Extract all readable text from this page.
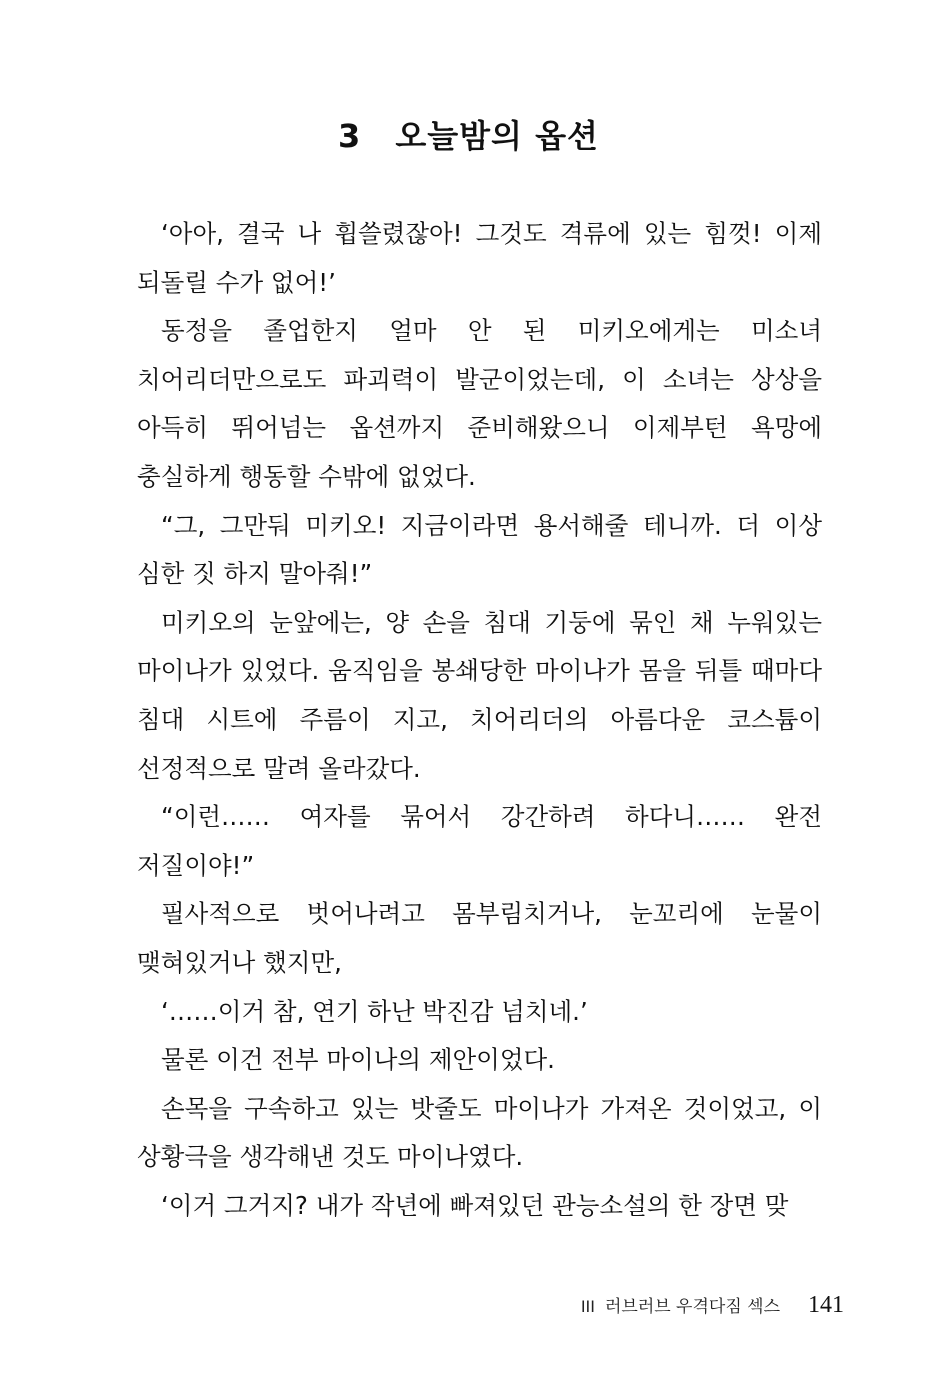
3 오늘밤의 옵션

‘아아, 결국 나 휩쓸렸잖아! 그것도 격류에 있는 힘껏! 이제 되돌릴 수가 없어!’

동정을 졸업한지 얼마 안 된 미키오에게는 미소녀 치어리더만으로도 파괴력이 발군이었는데, 이 소녀는 상상을 아득히 뛰어넘는 옵션까지 준비해왔으니 이제부턴 욕망에 충실하게 행동할 수밖에 없었다.

“그, 그만둬 미키오! 지금이라면 용서해줄 테니까. 더 이상 심한 짓 하지 말아줘!”

미키오의 눈앞에는, 양 손을 침대 기둥에 묶인 채 누워있는 마이나가 있었다. 움직임을 봉쇄당한 마이나가 몸을 뒤틀 때마다 침대 시트에 주름이 지고, 치어리더의 아름다운 코스튬이 선정적으로 말려 올라갔다.

“이런…… 여자를 묶어서 강간하려 하다니…… 완전 저질이야!”

필사적으로 벗어나려고 몸부림치거나, 눈꼬리에 눈물이 맺혀있거나 했지만,

‘……이거 참, 연기 하난 박진감 넘치네.’

물론 이건 전부 마이나의 제안이었다.

손목을 구속하고 있는 밧줄도 마이나가 가져온 것이었고, 이 상황극을 생각해낸 것도 마이나였다.

‘이거 그거지? 내가 작년에 빠져있던 관능소설의 한 장면 맞

III 러브러브 우격다짐 섹스 141
